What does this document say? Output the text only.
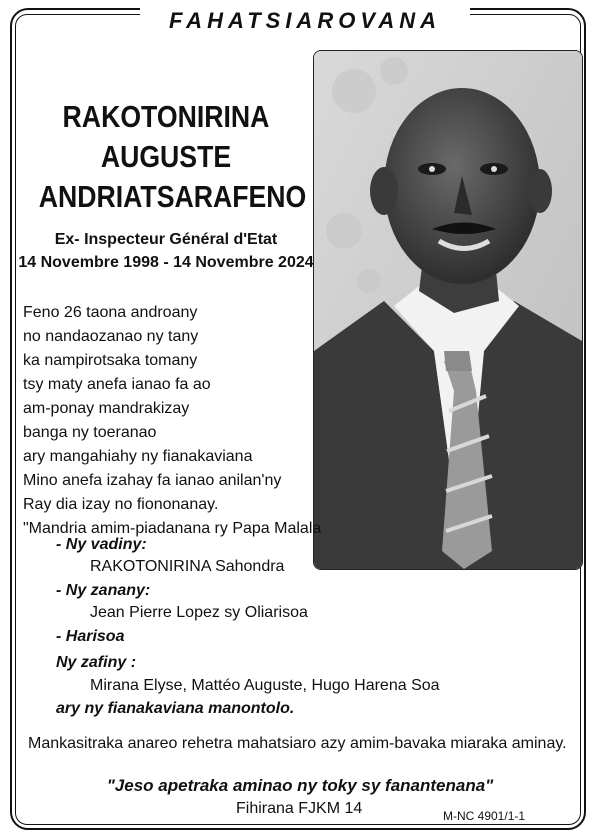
FAHATSIAROVANA
RAKOTONIRINA
AUGUSTE
ANDRIATSARAFENO
Ex- Inspecteur Général d'Etat
14 Novembre 1998 - 14 Novembre 2024
Feno 26 taona androany
no nandaozanao ny tany
ka nampirotsaka tomany
tsy maty anefa ianao fa ao
am-ponay mandrakizay
banga ny toeranao
ary mangahiahy ny fianakaviana
Mino anefa izahay fa ianao anilan'ny
Ray dia izay no fiononanay.
"Mandria amim-piadanana ry Papa Malala
- Ny vadiny:
RAKOTONIRINA Sahondra
- Ny zanany:
Jean Pierre Lopez sy Oliarisoa
- Harisoa
Ny zafiny :
Mirana Elyse, Mattéo Auguste, Hugo Harena Soa
ary ny fianakaviana manontolo.
Mankasitraka anareo rehetra mahatsiaro azy amim-bavaka miaraka aminay.
"Jeso apetraka aminao ny toky sy fanantenana"
Fihirana FJKM 14	M-NC 4901/1-1
